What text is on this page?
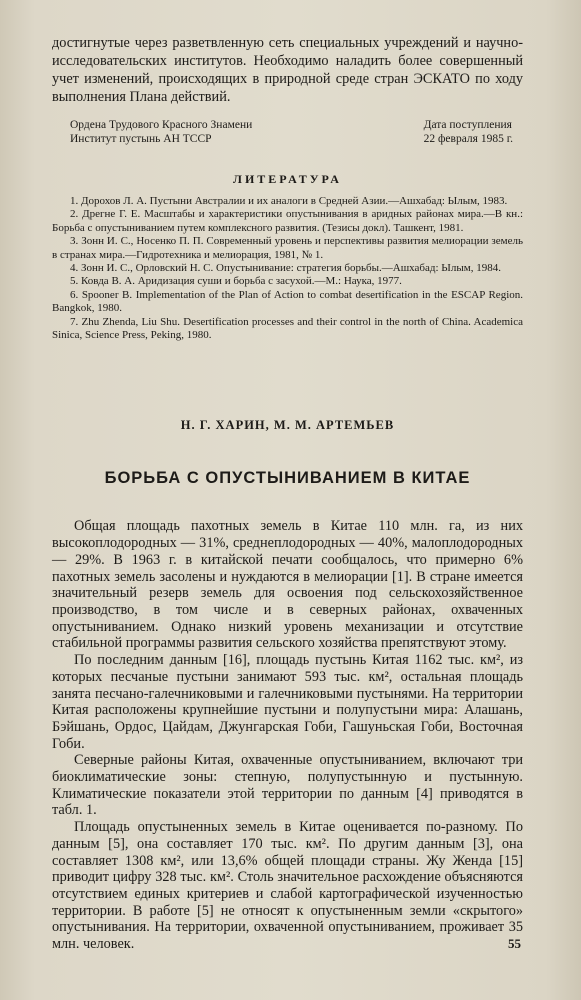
достигнутые через разветвленную сеть специальных учреждений и научно-исследовательских институтов. Необходимо наладить более совершенный учет изменений, происходящих в природной среде стран ЭСКАТО по ходу выполнения Плана действий.

Ордена Трудового Красного Знамени
Институт пустынь АН ТССР
Дата поступления
22 февраля 1985 г.
ЛИТЕРАТУРА

1. Дорохов Л. А. Пустыни Австралии и их аналоги в Средней Азии.—Ашхабад: Ылым, 1983.

2. Дрегне Г. Е. Масштабы и характеристики опустынивания в аридных районах мира.—В кн.: Борьба с опустыниванием путем комплексного развития. (Тезисы докл). Ташкент, 1981.

3. Зонн И. С., Носенко П. П. Современный уровень и перспективы развития мелиорации земель в странах мира.—Гидротехника и мелиорация, 1981, № 1.

4. Зонн И. С., Орловский Н. С. Опустынивание: стратегия борьбы.—Ашхабад: Ылым, 1984.

5. Ковда В. А. Аридизация суши и борьба с засухой.—М.: Наука, 1977.

6. Spooner B. Implementation of the Plan of Action to combat desertification in the ESCAP Region. Bangkok, 1980.

7. Zhu Zhenda, Liu Shu. Desertification processes and their control in the north of China. Academica Sinica, Science Press, Peking, 1980.

Н. Г. ХАРИН, М. М. АРТЕМЬЕВ
БОРЬБА С ОПУСТЫНИВАНИЕМ В КИТАЕ

Общая площадь пахотных земель в Китае 110 млн. га, из них высокоплодородных — 31%, среднеплодородных — 40%, малоплодородных — 29%. В 1963 г. в китайской печати сообщалось, что примерно 6% пахотных земель засолены и нуждаются в мелиорации [1]. В стране имеется значительный резерв земель для освоения под сельскохозяйственное производство, в том числе и в северных районах, охваченных опустыниванием. Однако низкий уровень механизации и отсутствие стабильной программы развития сельского хозяйства препятствуют этому.

По последним данным [16], площадь пустынь Китая 1162 тыс. км², из которых песчаные пустыни занимают 593 тыс. км², остальная площадь занята песчано-галечниковыми и галечниковыми пустынями. На территории Китая расположены крупнейшие пустыни и полупустыни мира: Алашань, Бэйшань, Ордос, Цайдам, Джунгарская Гоби, Гашуньская Гоби, Восточная Гоби.

Северные районы Китая, охваченные опустыниванием, включают три биоклиматические зоны: степную, полупустынную и пустынную. Климатические показатели этой территории по данным [4] приводятся в табл. 1.

Площадь опустыненных земель в Китае оценивается по-разному. По данным [5], она составляет 170 тыс. км². По другим данным [3], она составляет 1308 км², или 13,6% общей площади страны. Жу Женда [15] приводит цифру 328 тыс. км². Столь значительное расхождение объясняются отсутствием единых критериев и слабой картографической изученностью территории. В работе [5] не относят к опустыненным земли «скрытого» опустынивания. На территории, охваченной опустыниванием, проживает 35 млн. человек.	55
